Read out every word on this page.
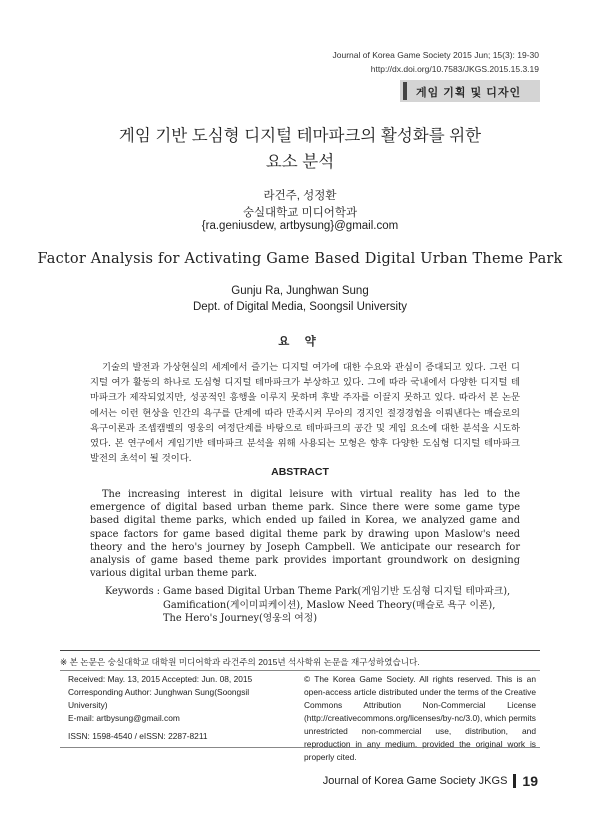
Journal of Korea Game Society 2015 Jun; 15(3): 19-30
http://dx.doi.org/10.7583/JKGS.2015.15.3.19
게임 기획 및 디자인
게임 기반 도심형 디지털 테마파크의 활성화를 위한
요소 분석
라건주, 성정환
숭실대학교 미디어학과
{ra.geniusdew, artbysung}@gmail.com
Factor Analysis for Activating Game Based Digital Urban Theme Park
Gunju Ra, Junghwan Sung
Dept. of Digital Media, Soongsil University
요 약

기술의 발전과 가상현실의 세계에서 즐기는 디지털 여가에 대한 수요와 관심이 증대되고 있다. 그런 디지털 여가 활동의 하나로 도심형 디지털 테마파크가 부상하고 있다. 그에 따라 국내에서 다양한 디지털 테마파크가 제작되었지만, 성공적인 흥행을 이루지 못하며 후발 주자를 이끌지 못하고 있다. 따라서 본 논문에서는 이런 현상을 인간의 욕구를 단계에 따라 만족시켜 무아의 경지인 절경경험을 이뤄낸다는 매슬로의 욕구이론과 조셉캠벨의 영웅의 여정단계를 바탕으로 테마파크의 공간 및 게임 요소에 대한 분석을 시도하였다. 본 연구에서 게임기반 테마파크 분석을 위해 사용되는 모형은 향후 다양한 도심형 디지털 테마파크 발전의 초석이 될 것이다.

ABSTRACT

The increasing interest in digital leisure with virtual reality has led to the emergence of digital based urban theme park. Since there were some game type based digital theme parks, which ended up failed in Korea, we analyzed game and space factors for game based digital theme park by drawing upon Maslow's need theory and the hero's journey by Joseph Campbell. We anticipate our research for analysis of game based theme park provides important groundwork on designing various digital urban theme park.

Keywords : Game based Digital Urban Theme Park(게임기반 도심형 디지털 테마파크),
Gamification(게이미피케이션), Maslow Need Theory(매슬로 욕구 이론),
The Hero's Journey(영웅의 여정)
※ 본 논문은 숭실대학교 대학원 미디어학과 라건주의 2015년 석사학위 논문을 재구성하였습니다.
Received: May. 13, 2015 Accepted: Jun. 08, 2015
Corresponding Author: Junghwan Sung(Soongsil University)
E-mail: artbysung@gmail.com
ISSN: 1598-4540 / eISSN: 2287-8211
© The Korea Game Society. All rights reserved. This is an open-access article distributed under the terms of the Creative Commons Attribution Non-Commercial License (http://creativecommons.org/licenses/by-nc/3.0), which permits unrestricted non-commercial use, distribution, and reproduction in any medium, provided the original work is properly cited.
Journal of Korea Game Society JKGS 19
